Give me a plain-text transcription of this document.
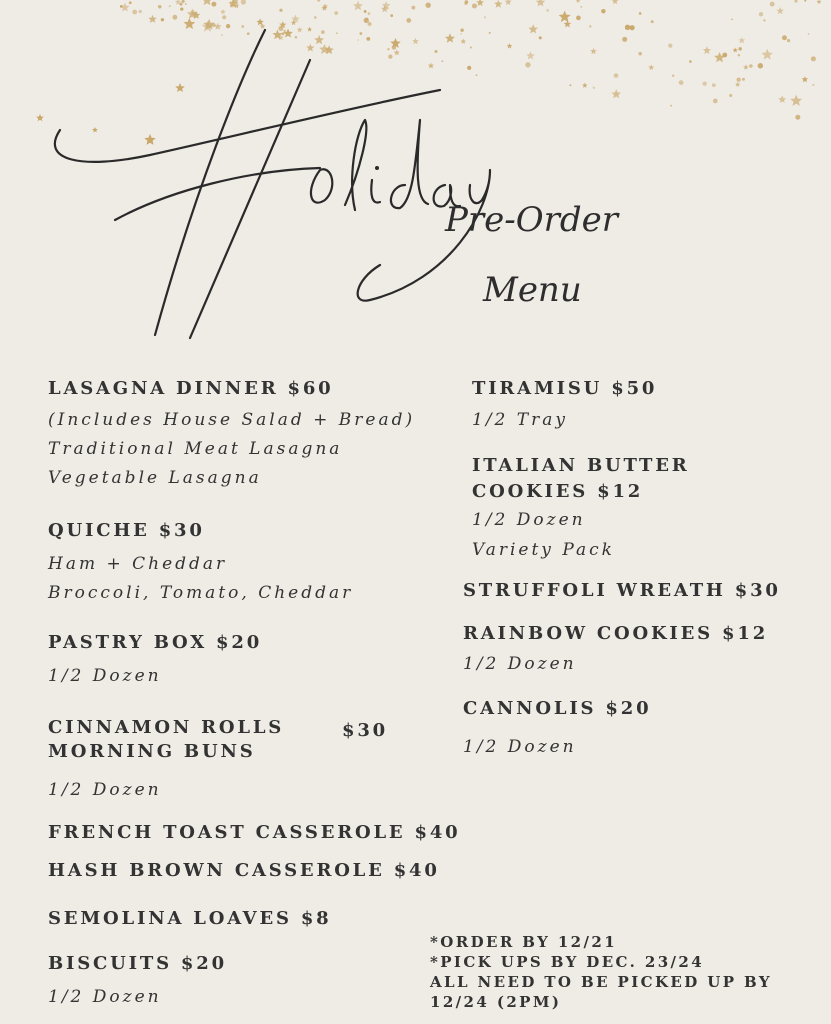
Pre-Order
Menu
LASAGNA DINNER $60
(Includes House Salad + Bread)
Traditional Meat Lasagna
Vegetable Lasagna
QUICHE $30
Ham + Cheddar
Broccoli, Tomato, Cheddar
PASTRY BOX $20
1/2 Dozen
CINNAMON ROLLS	$30
MORNING BUNS
1/2 Dozen
FRENCH TOAST CASSEROLE $40
HASH BROWN CASSEROLE $40
SEMOLINA LOAVES $8
BISCUITS $20
1/2 Dozen
TIRAMISU $50
1/2 Tray
ITALIAN BUTTER
COOKIES $12
1/2 Dozen
Variety Pack
STRUFFOLI WREATH $30
RAINBOW COOKIES $12
1/2 Dozen
CANNOLIS $20
1/2 Dozen
*ORDER BY 12/21
*PICK UPS BY DEC. 23/24
ALL NEED TO BE PICKED UP BY
12/24 (2PM)
